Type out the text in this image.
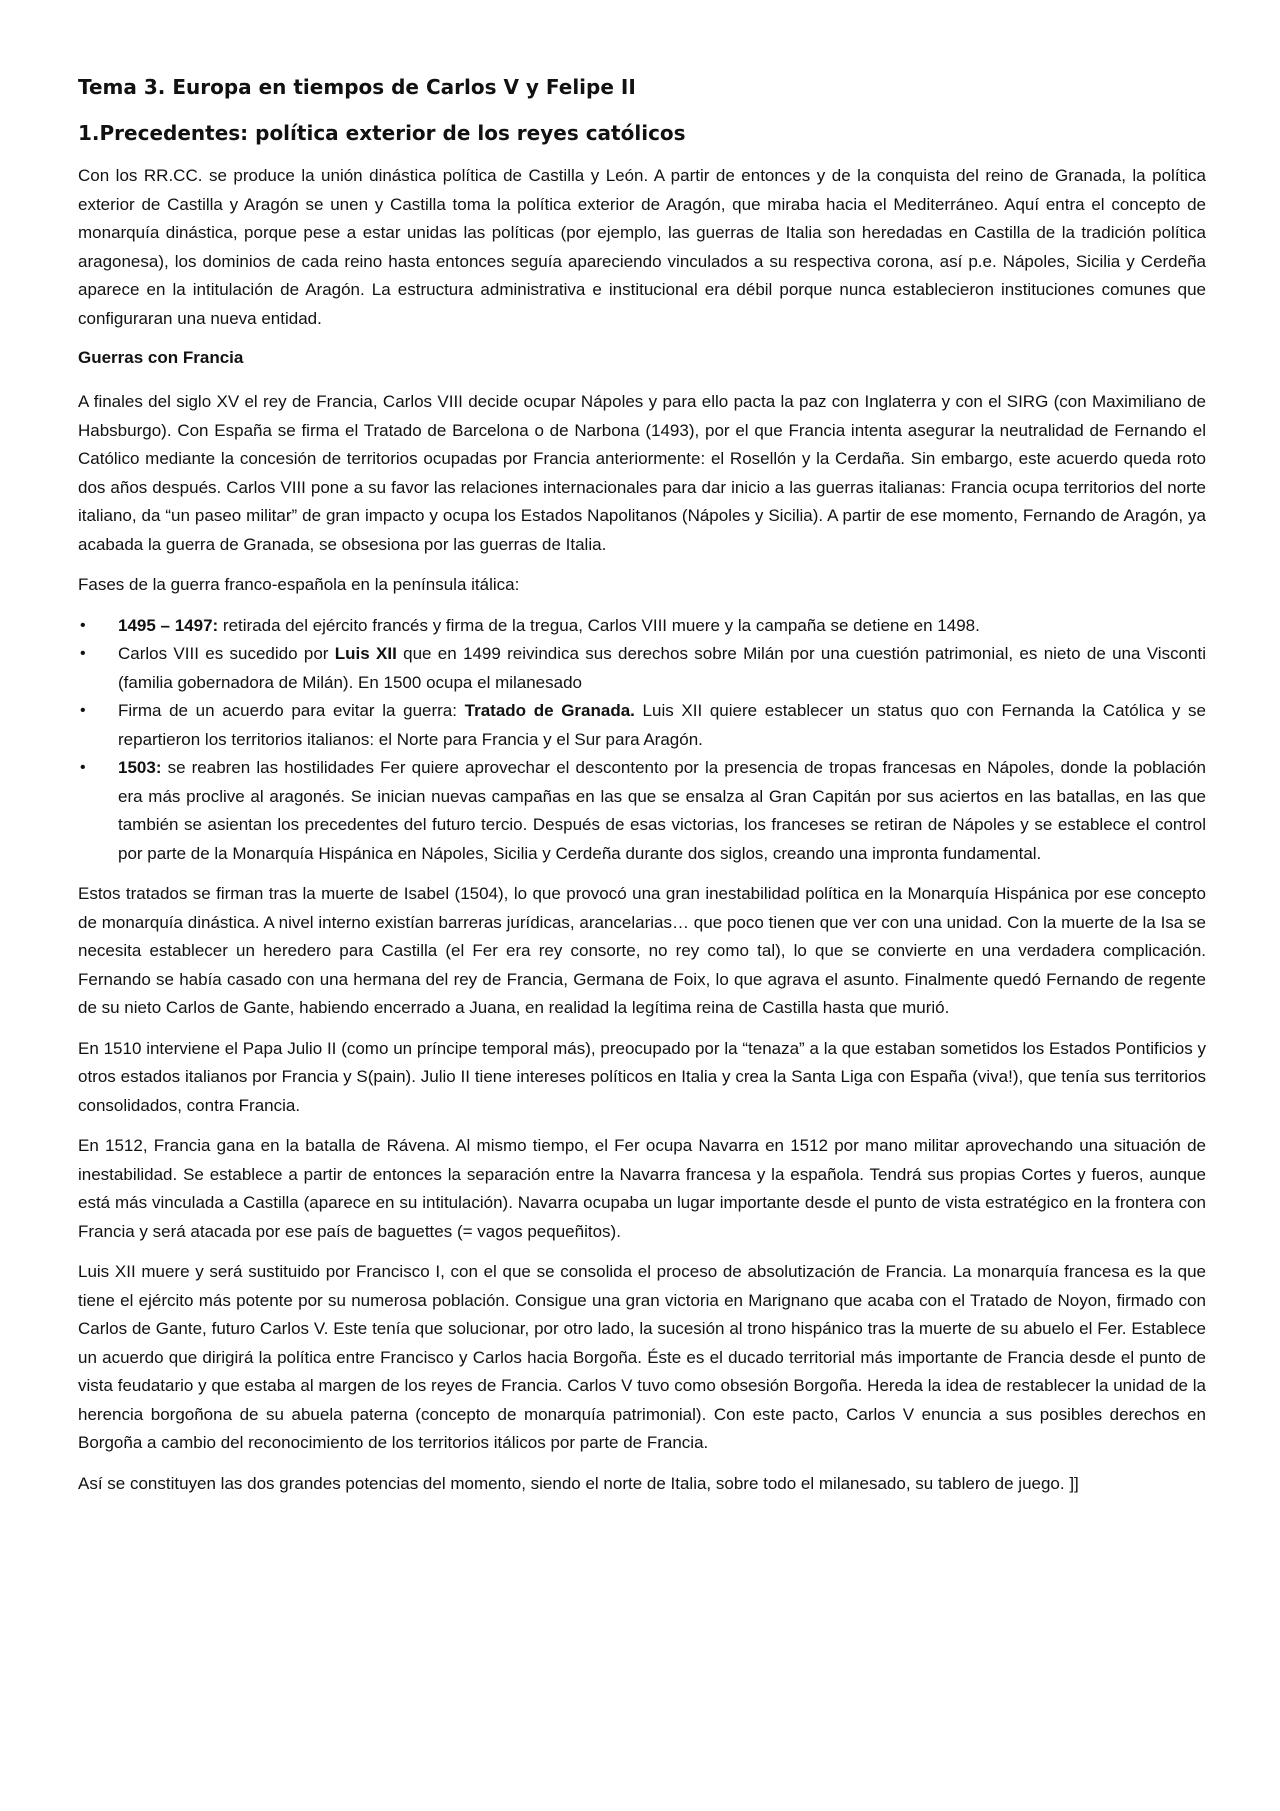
Tema 3. Europa en tiempos de Carlos V y Felipe II
1.Precedentes: política exterior de los reyes católicos

Con los RR.CC. se produce la unión dinástica política de Castilla y León. A partir de entonces y de la conquista del reino de Granada, la política exterior de Castilla y Aragón se unen y Castilla toma la política exterior de Aragón, que miraba hacia el Mediterráneo. Aquí entra el concepto de monarquía dinástica, porque pese a estar unidas las políticas (por ejemplo, las guerras de Italia son heredadas en Castilla de la tradición política aragonesa), los dominios de cada reino hasta entonces seguía apareciendo vinculados a su respectiva corona, así p.e. Nápoles, Sicilia y Cerdeña aparece en la intitulación de Aragón. La estructura administrativa e institucional era débil porque nunca establecieron instituciones comunes que configuraran una nueva entidad.

Guerras con Francia

A finales del siglo XV el rey de Francia, Carlos VIII decide ocupar Nápoles y para ello pacta la paz con Inglaterra y con el SIRG (con Maximiliano de Habsburgo). Con España se firma el Tratado de Barcelona o de Narbona (1493), por el que Francia intenta asegurar la neutralidad de Fernando el Católico mediante la concesión de territorios ocupadas por Francia anteriormente: el Rosellón y la Cerdaña. Sin embargo, este acuerdo queda roto dos años después. Carlos VIII pone a su favor las relaciones internacionales para dar inicio a las guerras italianas: Francia ocupa territorios del norte italiano, da “un paseo militar” de gran impacto y ocupa los Estados Napolitanos (Nápoles y Sicilia). A partir de ese momento, Fernando de Aragón, ya acabada la guerra de Granada, se obsesiona por las guerras de Italia.

Fases de la guerra franco-española en la península itálica:

• 1495 – 1497: retirada del ejército francés y firma de la tregua, Carlos VIII muere y la campaña se detiene en 1498.
• Carlos VIII es sucedido por Luis XII que en 1499 reivindica sus derechos sobre Milán por una cuestión patrimonial, es nieto de una Visconti (familia gobernadora de Milán). En 1500 ocupa el milanesado
• Firma de un acuerdo para evitar la guerra: Tratado de Granada. Luis XII quiere establecer un status quo con Fernanda la Católica y se repartieron los territorios italianos: el Norte para Francia y el Sur para Aragón.
• 1503: se reabren las hostilidades Fer quiere aprovechar el descontento por la presencia de tropas francesas en Nápoles, donde la población era más proclive al aragonés. Se inician nuevas campañas en las que se ensalza al Gran Capitán por sus aciertos en las batallas, en las que también se asientan los precedentes del futuro tercio. Después de esas victorias, los franceses se retiran de Nápoles y se establece el control por parte de la Monarquía Hispánica en Nápoles, Sicilia y Cerdeña durante dos siglos, creando una impronta fundamental.

Estos tratados se firman tras la muerte de Isabel (1504), lo que provocó una gran inestabilidad política en la Monarquía Hispánica por ese concepto de monarquía dinástica. A nivel interno existían barreras jurídicas, arancelarias… que poco tienen que ver con una unidad. Con la muerte de la Isa se necesita establecer un heredero para Castilla (el Fer era rey consorte, no rey como tal), lo que se convierte en una verdadera complicación. Fernando se había casado con una hermana del rey de Francia, Germana de Foix, lo que agrava el asunto. Finalmente quedó Fernando de regente de su nieto Carlos de Gante, habiendo encerrado a Juana, en realidad la legítima reina de Castilla hasta que murió.

En 1510 interviene el Papa Julio II (como un príncipe temporal más), preocupado por la “tenaza” a la que estaban sometidos los Estados Pontificios y otros estados italianos por Francia y S(pain). Julio II tiene intereses políticos en Italia y crea la Santa Liga con España (viva!), que tenía sus territorios consolidados, contra Francia.

En 1512, Francia gana en la batalla de Rávena. Al mismo tiempo, el Fer ocupa Navarra en 1512 por mano militar aprovechando una situación de inestabilidad. Se establece a partir de entonces la separación entre la Navarra francesa y la española. Tendrá sus propias Cortes y fueros, aunque está más vinculada a Castilla (aparece en su intitulación). Navarra ocupaba un lugar importante desde el punto de vista estratégico en la frontera con Francia y será atacada por ese país de baguettes (= vagos pequeñitos).

Luis XII muere y será sustituido por Francisco I, con el que se consolida el proceso de absolutización de Francia. La monarquía francesa es la que tiene el ejército más potente por su numerosa población. Consigue una gran victoria en Marignano que acaba con el Tratado de Noyon, firmado con Carlos de Gante, futuro Carlos V. Este tenía que solucionar, por otro lado, la sucesión al trono hispánico tras la muerte de su abuelo el Fer. Establece un acuerdo que dirigirá la política entre Francisco y Carlos hacia Borgoña. Éste es el ducado territorial más importante de Francia desde el punto de vista feudatario y que estaba al margen de los reyes de Francia. Carlos V tuvo como obsesión Borgoña. Hereda la idea de restablecer la unidad de la herencia borgoñona de su abuela paterna (concepto de monarquía patrimonial). Con este pacto, Carlos V enuncia a sus posibles derechos en Borgoña a cambio del reconocimiento de los territorios itálicos por parte de Francia.

Así se constituyen las dos grandes potencias del momento, siendo el norte de Italia, sobre todo el milanesado, su tablero de juego. ]]
